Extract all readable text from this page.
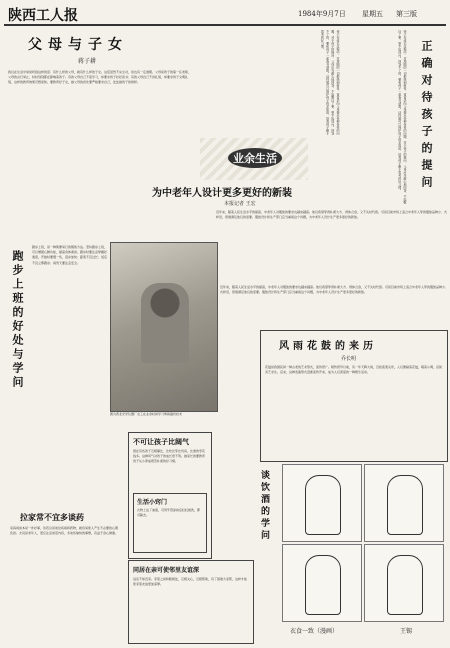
陕西工人报	1984年9月7日 星期五 第三版
父母与子女
蒋子耕
我们在生活中常常听到这样的话：有什么样的父母，就有什么样的子女。这话虽然不完全对，但也有一定道理。父母是孩子的第一任老师，父母的言行举止，时时刻刻都在影响着孩子。有的父母自己不爱学习，却要求孩子好好读书；有的父母自己不讲礼貌，却要求孩子文明礼貌，这样的教育效果可想而知。要教育好子女，做父母的首先要严格要求自己，处处做孩子的榜样。	孩子在成长过程中，对周围的一切都感到新奇，常常会向父母提出各种各样的问题。对于孩子的提问，父母应当耐心地回答，不能敷衍了事，更不能训斥。回答不了的，要和孩子一起查书请教。这样做可以保护孩子的求知欲，培养孩子勤于思考的好习惯。	孩子在成长过程中，对周围的一切都感到新奇，常常会向父母提出各种各样的问题。对于孩子的提问，父母应当耐心地回答，不能敷衍了事，更不能训斥。回答不了的，要和孩子一起查书请教。这样做可以保护孩子的求知欲，培养孩子勤于思考的好习惯。	正确对待孩子的提问
业余生活
为中老年人设计更多更好的新装
本报记者 王宏
近年来，随着人民生活水平的提高，中老年人对服装的要求也越来越高。他们希望穿得朴素大方、得体合身，又不失时代感。可是目前市场上适合中老年人穿的服装品种少、式样旧，很难满足他们的需要。服装设计和生产部门应当重视这个问题，为中老年人设计生产更多更好的新装。
跑步上班的好处与学问
跑步上班，是一种简便易行的锻炼方法。坚持跑步上班，可以增强心肺功能，提高身体素质。跑步时要注意掌握好速度，开始时要慢一些，逐步加快；距离不宜过长；饭后不宜立即跑步；雨雪天要注意安全。
图为西北光学仪器厂女工在业余时间学习剪裁缝纫技术
近年来，随着人民生活水平的提高，中老年人对服装的要求也越来越高。他们希望穿得朴素大方、得体合身，又不失时代感。可是目前市场上适合中老年人穿的服装品种少、式样旧，很难满足他们的需要。服装设计和生产部门应当重视这个问题，为中老年人设计生产更多更好的新装。
风雨花鼓的来历
乔长明
花鼓是我国民间一种古老的艺术形式，流传很广。相传很早以前，有一年天降大雨，百姓流离失所，人们便敲着花鼓，唱着小调，沿街卖艺求生。后来，这种表演形式逐渐流传开来，成为人们喜爱的一种娱乐活动。
不可让孩子比阔气
现在有些孩子互相攀比，比吃比穿比玩具，比谁的零花钱多。这种风气对孩子的成长很不利。做家长的要教育孩子从小养成艰苦朴素的好习惯。
生活小窍门
衣物上沾了油渍，可用牙膏涂抹后轻轻搓洗，即可除去。
拉家常不宜多谈药
家庭闲谈本是一件好事，但若总是谈论疾病和药物，就容易使人产生不必要的心理负担。尤其是老年人，更应注意谈话内容，多谈些愉快的事情，有益于身心健康。
同居在亲可使邻里友谊深
远亲不如近邻。邻里之间和睦相处，互相关心，互相帮助，有了困难大家帮，这样才能使邻里友谊更加深厚。
谈饮酒的学问
衣食一致（漫画）	王锡
